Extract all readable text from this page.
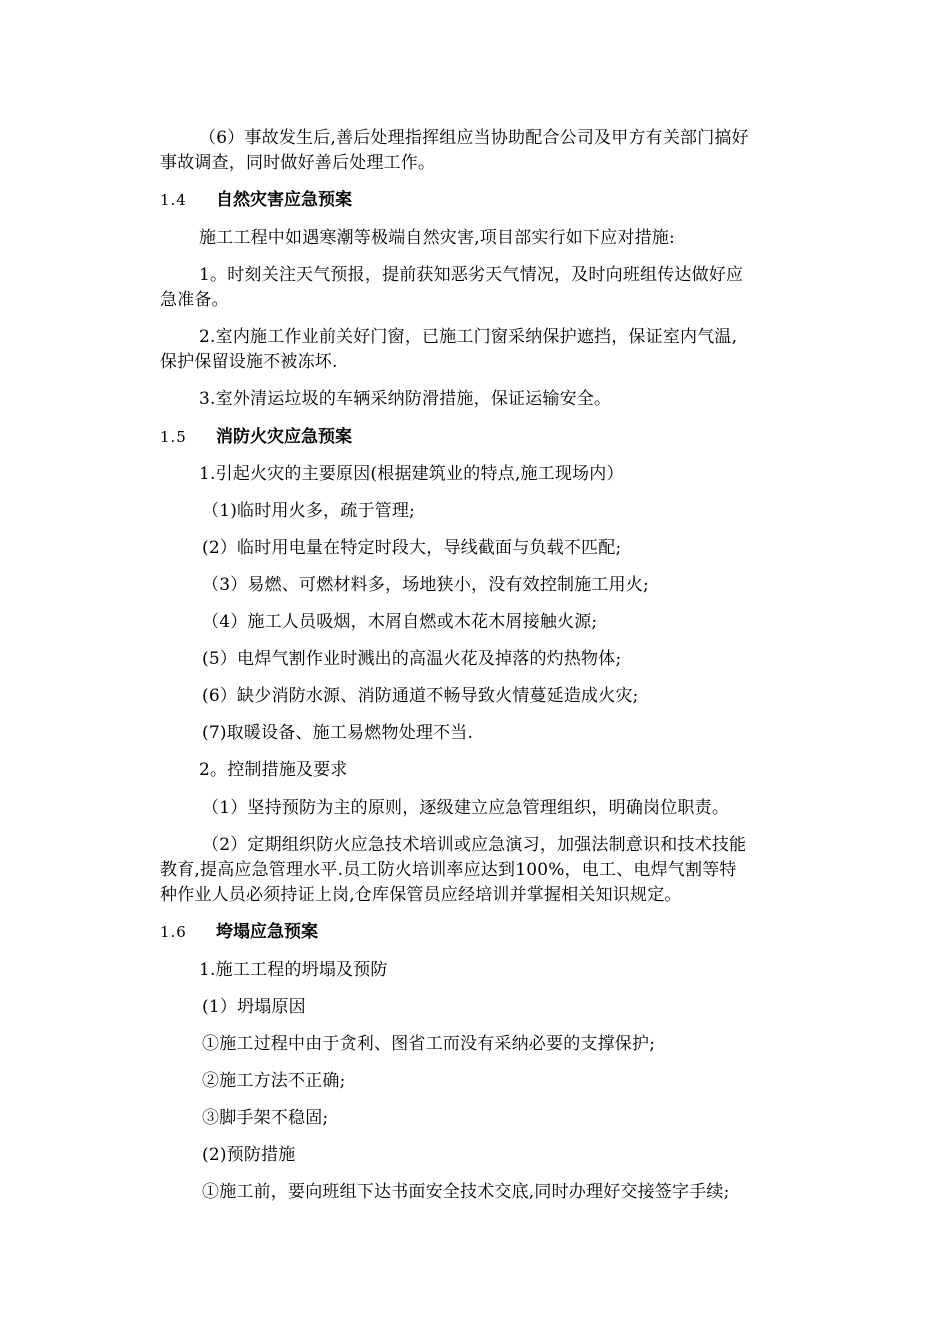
（6）事故发生后,善后处理指挥组应当协助配合公司及甲方有关部门搞好
事故调查，同时做好善后处理工作。
1.4 自然灾害应急预案
施工工程中如遇寒潮等极端自然灾害,项目部实行如下应对措施:
1。时刻关注天气预报，提前获知恶劣天气情况，及时向班组传达做好应
急准备。
2.室内施工作业前关好门窗，已施工门窗采纳保护遮挡，保证室内气温,
保护保留设施不被冻坏.
3.室外清运垃圾的车辆采纳防滑措施，保证运输安全。
1.5 消防火灾应急预案
1.引起火灾的主要原因(根据建筑业的特点,施工现场内）
（1)临时用火多，疏于管理;
(2）临时用电量在特定时段大，导线截面与负载不匹配;
（3）易燃、可燃材料多，场地狭小，没有效控制施工用火;
（4）施工人员吸烟，木屑自燃或木花木屑接触火源;
(5）电焊气割作业时溅出的高温火花及掉落的灼热物体;
(6）缺少消防水源、消防通道不畅导致火情蔓延造成火灾;
(7)取暖设备、施工易燃物处理不当.
2。控制措施及要求
（1）坚持预防为主的原则，逐级建立应急管理组织，明确岗位职责。
（2）定期组织防火应急技术培训或应急演习，加强法制意识和技术技能
教育,提高应急管理水平.员工防火培训率应达到100%，电工、电焊气割等特
种作业人员必须持证上岗,仓库保管员应经培训并掌握相关知识规定。
1.6 垮塌应急预案
1.施工工程的坍塌及预防
(1）坍塌原因
①施工过程中由于贪利、图省工而没有采纳必要的支撑保护;
②施工方法不正确;
③脚手架不稳固;
(2)预防措施
①施工前，要向班组下达书面安全技术交底,同时办理好交接签字手续;
